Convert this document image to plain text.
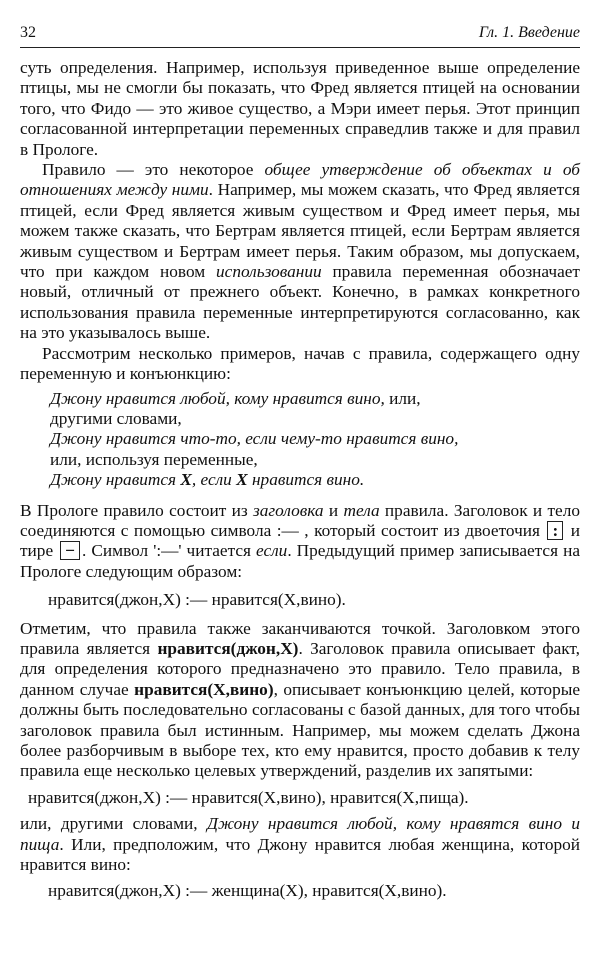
32	Гл. 1. Введение

суть определения. Например, используя приведенное выше определение птицы, мы не смогли бы показать, что Фред является птицей на основании того, что Фидо — это живое существо, а Мэри имеет перья. Этот принцип согласованной интерпретации переменных справедлив также и для правил в Прологе.

Правило — это некоторое общее утверждение об объектах и об отношениях между ними. Например, мы можем сказать, что Фред является птицей, если Фред является живым существом и Фред имеет перья, мы можем также сказать, что Бертрам является птицей, если Бертрам является живым существом и Бертрам имеет перья. Таким образом, мы допускаем, что при каждом новом использовании правила переменная обозначает новый, отличный от прежнего объект. Конечно, в рамках конкретного использования правила переменные интерпретируются согласованно, как на это указывалось выше.

Рассмотрим несколько примеров, начав с правила, содержащего одну переменную и конъюнкцию:

Джону нравится любой, кому нравится вино, или,

другими словами,

Джону нравится что-то, если чему-то нравится вино,

или, используя переменные,

Джону нравится X, если X нравится вино.

В Прологе правило состоит из заголовка и тела правила. Заголовок и тело соединяются с помощью символа :— , который состоит из двоеточия : и тире − . Символ ':—' читается если. Предыдущий пример записывается на Прологе следующим образом:

нравится(джон,X) :— нравится(X,вино).

Отметим, что правила также заканчиваются точкой. Заголовком этого правила является нравится(джон,X). Заголовок правила описывает факт, для определения которого предназначено это правило. Тело правила, в данном случае нравится(X,вино), описывает конъюнкцию целей, которые должны быть последовательно согласованы с базой данных, для того чтобы заголовок правила был истинным. Например, мы можем сделать Джона более разборчивым в выборе тех, кто ему нравится, просто добавив к телу правила еще несколько целевых утверждений, разделив их запятыми:

нравится(джон,X) :— нравится(X,вино), нравится(X,пища).

или, другими словами, Джону нравится любой, кому нравятся вино и пища. Или, предположим, что Джону нравится любая женщина, которой нравится вино:

нравится(джон,X) :— женщина(X), нравится(X,вино).
